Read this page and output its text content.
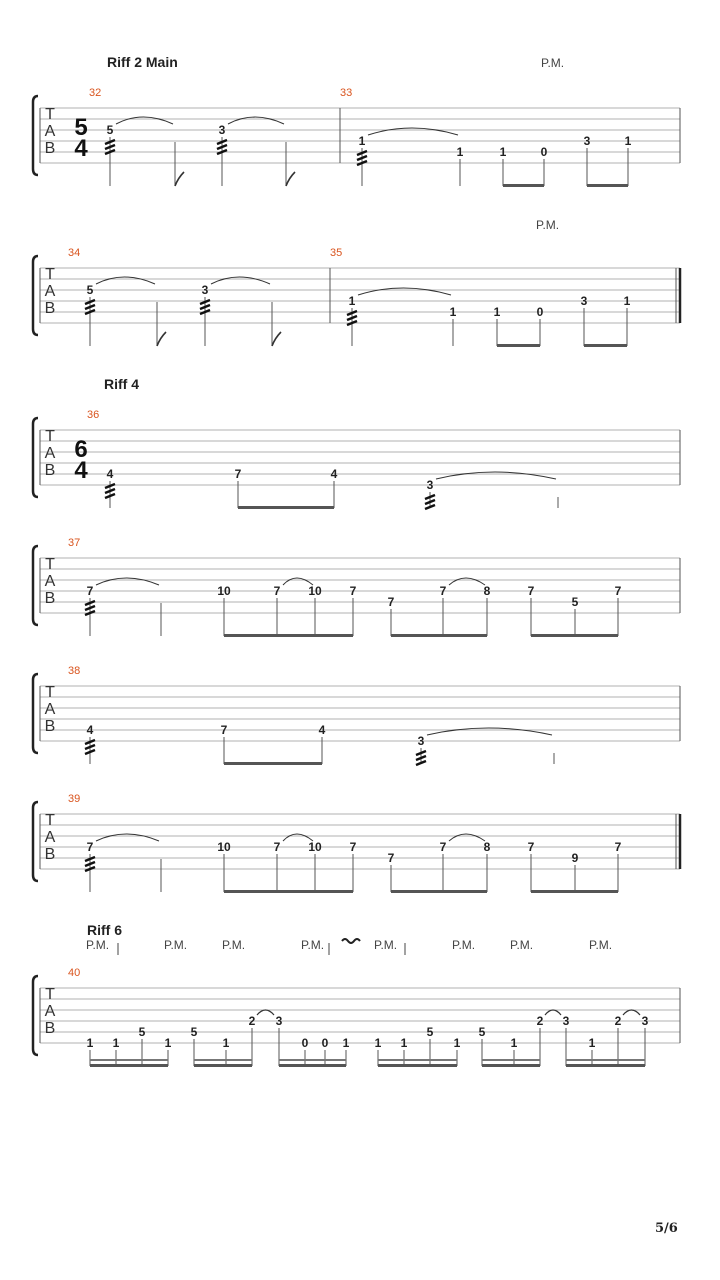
Riff 2 Main	P.M.
P.M.
Riff 4
Riff 6
P.M.	P.M.	P.M.	P.M.	P.M.	P.M.	P.M.	P.M.
T
A
B
5
4
32
5	3
33
1
1	1	0
3	1
T
A
B
34
5	3
35
1
1	1	0
3	1
T
A
B
6
4
36
4	7	4
3
T
A
B
37
7	10	7 10 7
7
7	8	7
5
7
T
A
B
38
4	7	4
3
T
A
B
39
7	10	7 10 7
7
7	8	7
9
7
T
A
B
40
1 1
5
1
5
1
2 3
0 0 1 1 1
5
1
5
1
2 3
1
2 3
5/6
